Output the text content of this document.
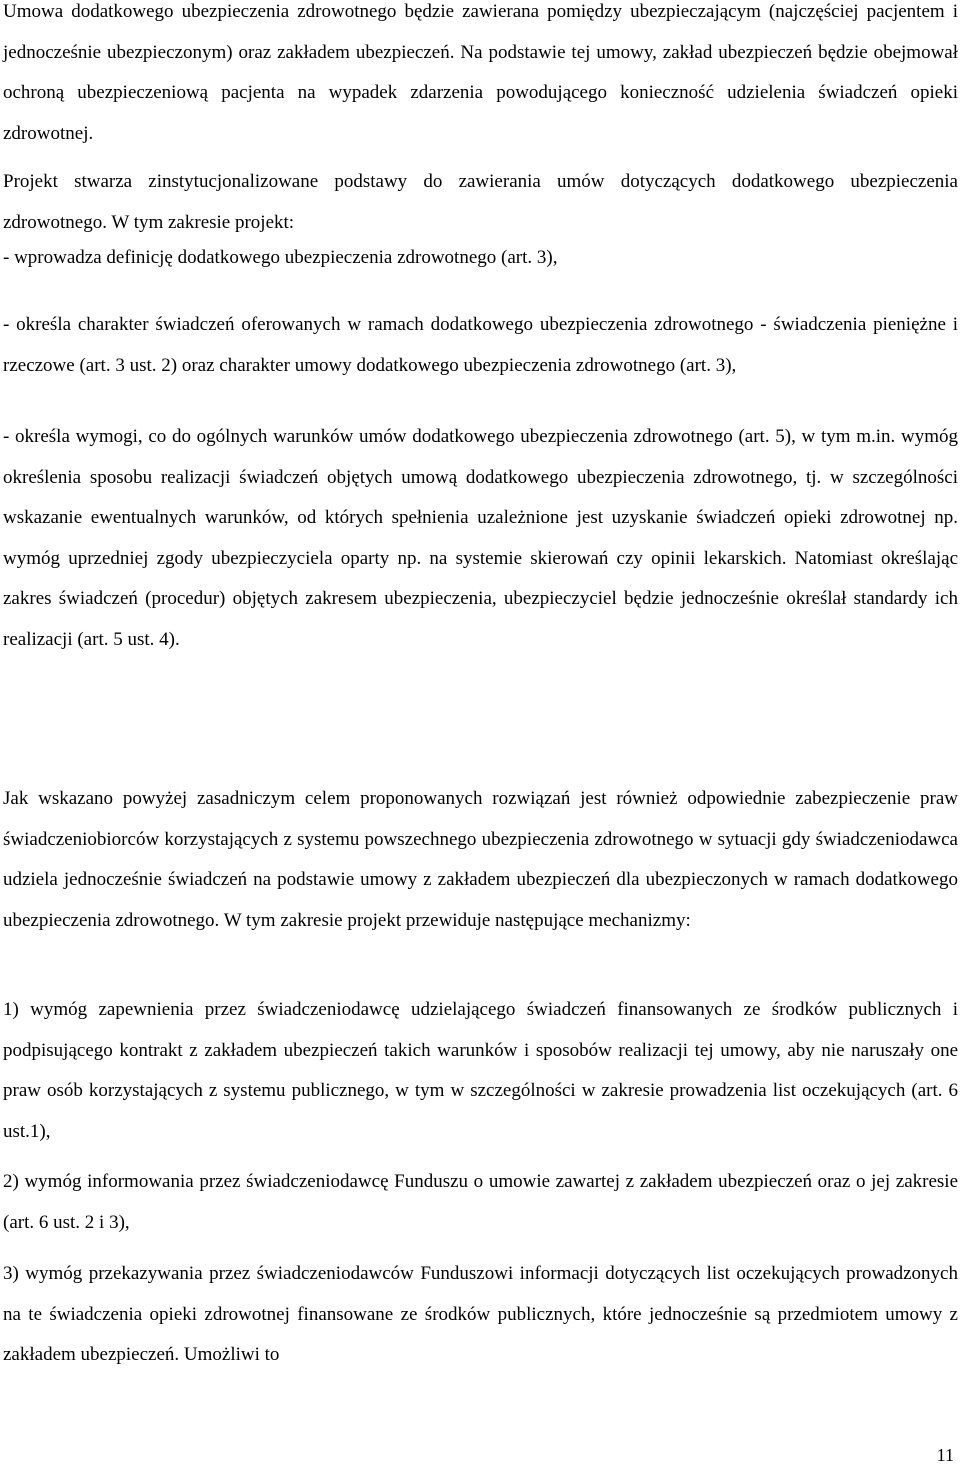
Umowa dodatkowego ubezpieczenia zdrowotnego będzie zawierana pomiędzy ubezpieczającym (najczęściej pacjentem i jednocześnie ubezpieczonym) oraz zakładem ubezpieczeń. Na podstawie tej umowy, zakład ubezpieczeń będzie obejmował ochroną ubezpieczeniową pacjenta na wypadek zdarzenia powodującego konieczność udzielenia świadczeń opieki zdrowotnej.

Projekt stwarza zinstytucjonalizowane podstawy do zawierania umów dotyczących dodatkowego ubezpieczenia zdrowotnego. W tym zakresie projekt:

- wprowadza definicję dodatkowego ubezpieczenia zdrowotnego (art. 3),

- określa charakter świadczeń oferowanych w ramach dodatkowego ubezpieczenia zdrowotnego - świadczenia pieniężne i rzeczowe (art. 3 ust. 2) oraz charakter umowy dodatkowego ubezpieczenia zdrowotnego (art. 3),

- określa wymogi, co do ogólnych warunków umów dodatkowego ubezpieczenia zdrowotnego (art. 5), w tym m.in. wymóg określenia sposobu realizacji świadczeń objętych umową dodatkowego ubezpieczenia zdrowotnego, tj. w szczególności wskazanie ewentualnych warunków, od których spełnienia uzależnione jest uzyskanie świadczeń opieki zdrowotnej np. wymóg uprzedniej zgody ubezpieczyciela oparty np. na systemie skierowań czy opinii lekarskich. Natomiast określając zakres świadczeń (procedur) objętych zakresem ubezpieczenia, ubezpieczyciel będzie jednocześnie określał standardy ich realizacji (art. 5 ust. 4).

Jak wskazano powyżej zasadniczym celem proponowanych rozwiązań jest również odpowiednie zabezpieczenie praw świadczeniobiorców korzystających z systemu powszechnego ubezpieczenia zdrowotnego w sytuacji gdy świadczeniodawca udziela jednocześnie świadczeń na podstawie umowy z zakładem ubezpieczeń dla ubezpieczonych w ramach dodatkowego ubezpieczenia zdrowotnego. W tym zakresie projekt przewiduje następujące mechanizmy:

1) wymóg zapewnienia przez świadczeniodawcę udzielającego świadczeń finansowanych ze środków publicznych i podpisującego kontrakt z zakładem ubezpieczeń takich warunków i sposobów realizacji tej umowy, aby nie naruszały one praw osób korzystających z systemu publicznego, w tym w szczególności w zakresie prowadzenia list oczekujących (art. 6 ust.1),

2) wymóg informowania przez świadczeniodawcę Funduszu o umowie zawartej z zakładem ubezpieczeń oraz o jej zakresie (art. 6 ust. 2 i 3),

3) wymóg przekazywania przez świadczeniodawców Funduszowi informacji dotyczących list oczekujących prowadzonych na te świadczenia opieki zdrowotnej finansowane ze środków publicznych, które jednocześnie są przedmiotem umowy z zakładem ubezpieczeń. Umożliwi to

11
